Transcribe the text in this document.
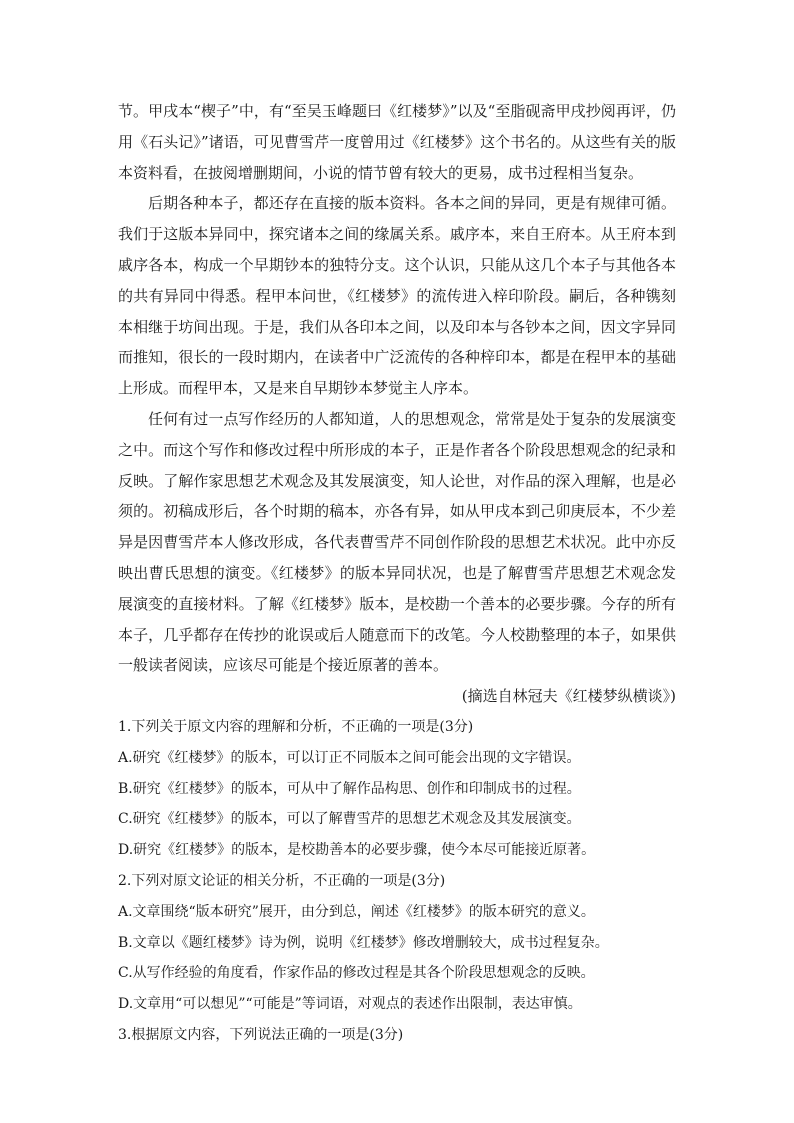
节。甲戌本“楔子”中，有“至吴玉峰题曰《红楼梦》”以及“至脂砚斋甲戌抄阅再评，仍用《石头记》”诸语，可见曹雪芹一度曾用过《红楼梦》这个书名的。从这些有关的版本资料看，在披阅增删期间，小说的情节曾有较大的更易，成书过程相当复杂。

后期各种本子，都还存在直接的版本资料。各本之间的异同，更是有规律可循。我们于这版本异同中，探究诸本之间的缘属关系。戚序本，来自王府本。从王府本到戚序各本，构成一个早期钞本的独特分支。这个认识，只能从这几个本子与其他各本的共有异同中得悉。程甲本问世，《红楼梦》的流传进入梓印阶段。嗣后，各种镌刻本相继于坊间出现。于是，我们从各印本之间，以及印本与各钞本之间，因文字异同而推知，很长的一段时期内，在读者中广泛流传的各种梓印本，都是在程甲本的基础上形成。而程甲本，又是来自早期钞本梦觉主人序本。

任何有过一点写作经历的人都知道，人的思想观念，常常是处于复杂的发展演变之中。而这个写作和修改过程中所形成的本子，正是作者各个阶段思想观念的纪录和反映。了解作家思想艺术观念及其发展演变，知人论世，对作品的深入理解，也是必须的。初稿成形后，各个时期的稿本，亦各有异，如从甲戌本到己卯庚辰本，不少差异是因曹雪芹本人修改形成，各代表曹雪芹不同创作阶段的思想艺术状况。此中亦反映出曹氏思想的演变。《红楼梦》的版本异同状况，也是了解曹雪芹思想艺术观念发展演变的直接材料。了解《红楼梦》版本，是校勘一个善本的必要步骤。今存的所有本子，几乎都存在传抄的讹误或后人随意而下的改笔。今人校勘整理的本子，如果供一般读者阅读，应该尽可能是个接近原著的善本。

(摘选自林冠夫《红楼梦纵横谈》)

1.下列关于原文内容的理解和分析，不正确的一项是(3分)

A.研究《红楼梦》的版本，可以订正不同版本之间可能会出现的文字错误。

B.研究《红楼梦》的版本，可从中了解作品构思、创作和印制成书的过程。

C.研究《红楼梦》的版本，可以了解曹雪芹的思想艺术观念及其发展演变。

D.研究《红楼梦》的版本，是校勘善本的必要步骤，使今本尽可能接近原著。

2.下列对原文论证的相关分析，不正确的一项是(3分)

A.文章围绕“版本研究”展开，由分到总，阐述《红楼梦》的版本研究的意义。

B.文章以《题红楼梦》诗为例，说明《红楼梦》修改增删较大，成书过程复杂。

C.从写作经验的角度看，作家作品的修改过程是其各个阶段思想观念的反映。

D.文章用“可以想见”“可能是”等词语，对观点的表述作出限制，表达审慎。

3.根据原文内容，下列说法正确的一项是(3分)
